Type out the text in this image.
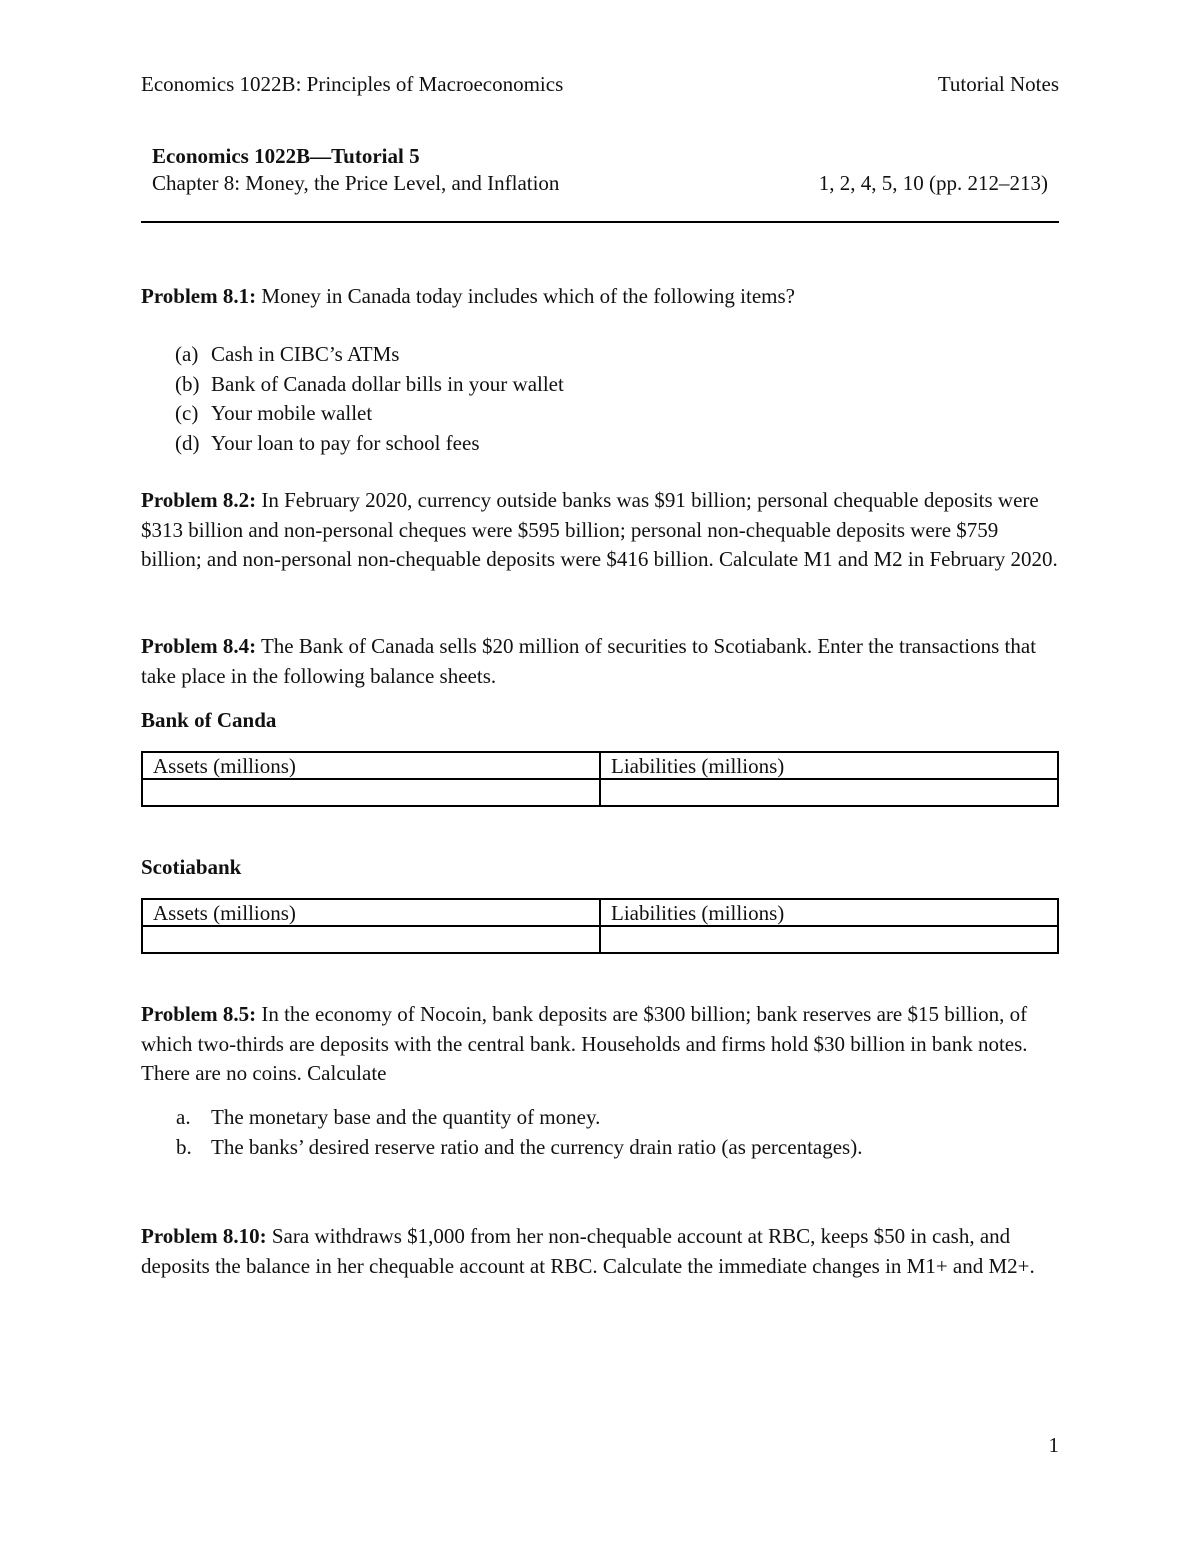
Economics 1022B: Principles of Macroeconomics	Tutorial Notes
Economics 1022B—Tutorial 5
Chapter 8: Money, the Price Level, and Inflation	1, 2, 4, 5, 10 (pp. 212–213)
Problem 8.1: Money in Canada today includes which of the following items?
(a) Cash in CIBC’s ATMs
(b) Bank of Canada dollar bills in your wallet
(c) Your mobile wallet
(d) Your loan to pay for school fees
Problem 8.2: In February 2020, currency outside banks was $91 billion; personal chequable deposits were $313 billion and non-personal cheques were $595 billion; personal non-chequable deposits were $759 billion; and non-personal non-chequable deposits were $416 billion. Calculate M1 and M2 in February 2020.
Problem 8.4: The Bank of Canada sells $20 million of securities to Scotiabank. Enter the transactions that take place in the following balance sheets.
Bank of Canda
Assets (millions)	Liabilities (millions)

Scotiabank
Assets (millions)	Liabilities (millions)

Problem 8.5: In the economy of Nocoin, bank deposits are $300 billion; bank reserves are $15 billion, of which two-thirds are deposits with the central bank. Households and firms hold $30 billion in bank notes. There are no coins. Calculate
a. The monetary base and the quantity of money.
b. The banks’ desired reserve ratio and the currency drain ratio (as percentages).
Problem 8.10: Sara withdraws $1,000 from her non-chequable account at RBC, keeps $50 in cash, and deposits the balance in her chequable account at RBC. Calculate the immediate changes in M1+ and M2+.
1
